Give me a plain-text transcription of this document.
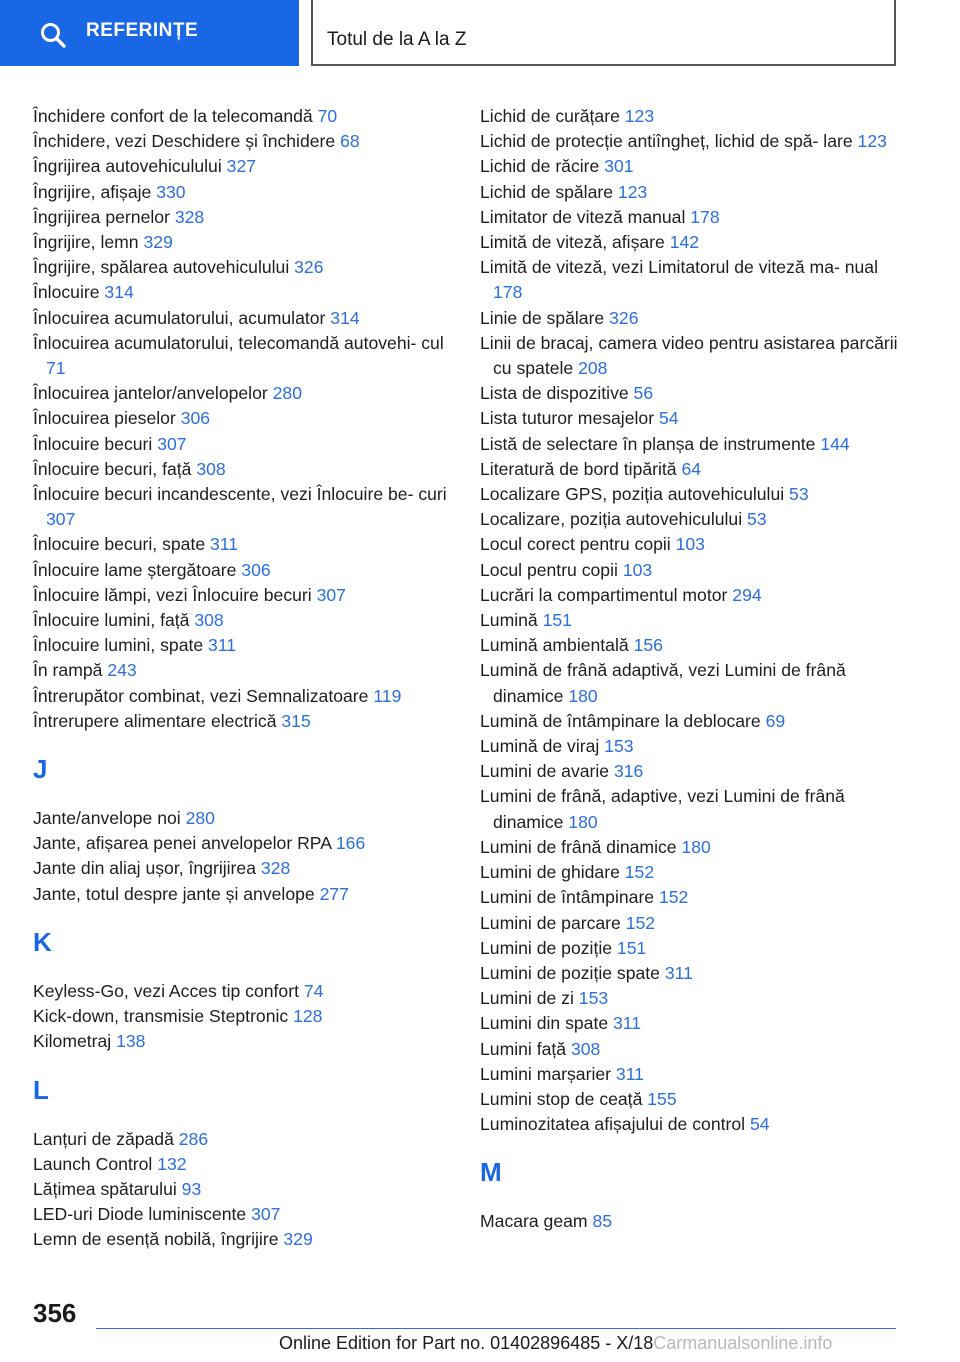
REFERINȚE	Totul de la A la Z
Închidere confort de la telecomandă 70
Închidere, vezi Deschidere și închidere 68
Îngrijirea autovehiculului 327
Îngrijire, afișaje 330
Îngrijirea pernelor 328
Îngrijire, lemn 329
Îngrijire, spălarea autovehiculului 326
Înlocuire 314
Înlocuirea acumulatorului, acumulator 314
Înlocuirea acumulatorului, telecomandă autovehi- cul 71
Înlocuirea jantelor/anvelopelor 280
Înlocuirea pieselor 306
Înlocuire becuri 307
Înlocuire becuri, față 308
Înlocuire becuri incandescente, vezi Înlocuire be- curi 307
Înlocuire becuri, spate 311
Înlocuire lame ștergătoare 306
Înlocuire lămpi, vezi Înlocuire becuri 307
Înlocuire lumini, față 308
Înlocuire lumini, spate 311
În rampă 243
Întrerupător combinat, vezi Semnalizatoare 119
Întrerupere alimentare electrică 315
J
Jante/anvelope noi 280
Jante, afișarea penei anvelopelor RPA 166
Jante din aliaj ușor, îngrijirea 328
Jante, totul despre jante și anvelope 277
K
Keyless-Go, vezi Acces tip confort 74
Kick-down, transmisie Steptronic 128
Kilometraj 138
L
Lanțuri de zăpadă 286
Launch Control 132
Lățimea spătarului 93
LED-uri Diode luminiscente 307
Lemn de esență nobilă, îngrijire 329
Lichid de curățare 123
Lichid de protecție antiîngheț, lichid de spă- lare 123
Lichid de răcire 301
Lichid de spălare 123
Limitator de viteză manual 178
Limită de viteză, afișare 142
Limită de viteză, vezi Limitatorul de viteză ma- nual 178
Linie de spălare 326
Linii de bracaj, camera video pentru asistarea parcării cu spatele 208
Lista de dispozitive 56
Lista tuturor mesajelor 54
Listă de selectare în planșa de instrumente 144
Literatură de bord tipărită 64
Localizare GPS, poziția autovehiculului 53
Localizare, poziția autovehiculului 53
Locul corect pentru copii 103
Locul pentru copii 103
Lucrări la compartimentul motor 294
Lumină 151
Lumină ambientală 156
Lumină de frână adaptivă, vezi Lumini de frână dinamice 180
Lumină de întâmpinare la deblocare 69
Lumină de viraj 153
Lumini de avarie 316
Lumini de frână, adaptive, vezi Lumini de frână dinamice 180
Lumini de frână dinamice 180
Lumini de ghidare 152
Lumini de întâmpinare 152
Lumini de parcare 152
Lumini de poziție 151
Lumini de poziție spate 311
Lumini de zi 153
Lumini din spate 311
Lumini față 308
Lumini marșarier 311
Lumini stop de ceață 155
Luminozitatea afișajului de control 54
M
Macara geam 85
356
Online Edition for Part no. 01402896485 - X/18Carmanualsonline.info
